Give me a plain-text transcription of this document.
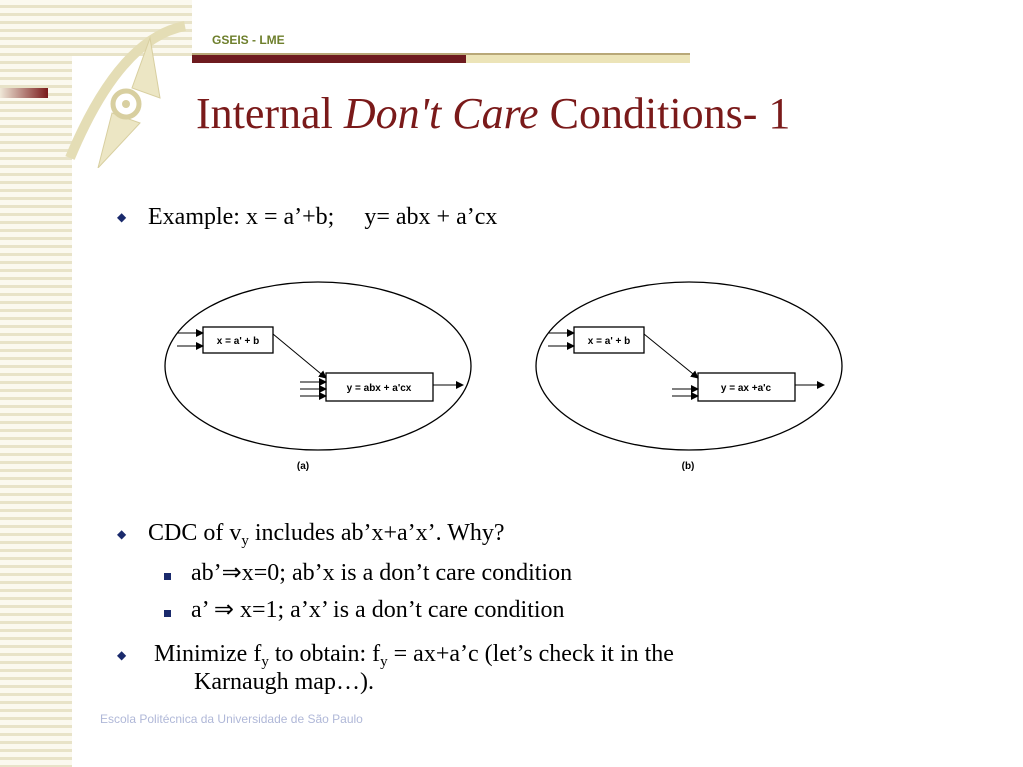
GSEIS - LME
Internal Don't Care Conditions- 1
◆ Example: x = a’+b;     y= abx + a’cx
x = a' + b
y = abx + a'cx
(a)
x = a' + b
y = ax +a'c
(b)
◆ CDC of $v_y$ includes ab’x+a’x’. Why?
ab’⇒x=0; ab’x is a don’t care condition
a’ ⇒ x=1; a’x’ is a don’t care condition
◆ Minimize $f_y$ to obtain: $f_y$ = ax+a’c (let’s check it in the
Karnaugh map…).
Escola Politécnica da Universidade de São Paulo
